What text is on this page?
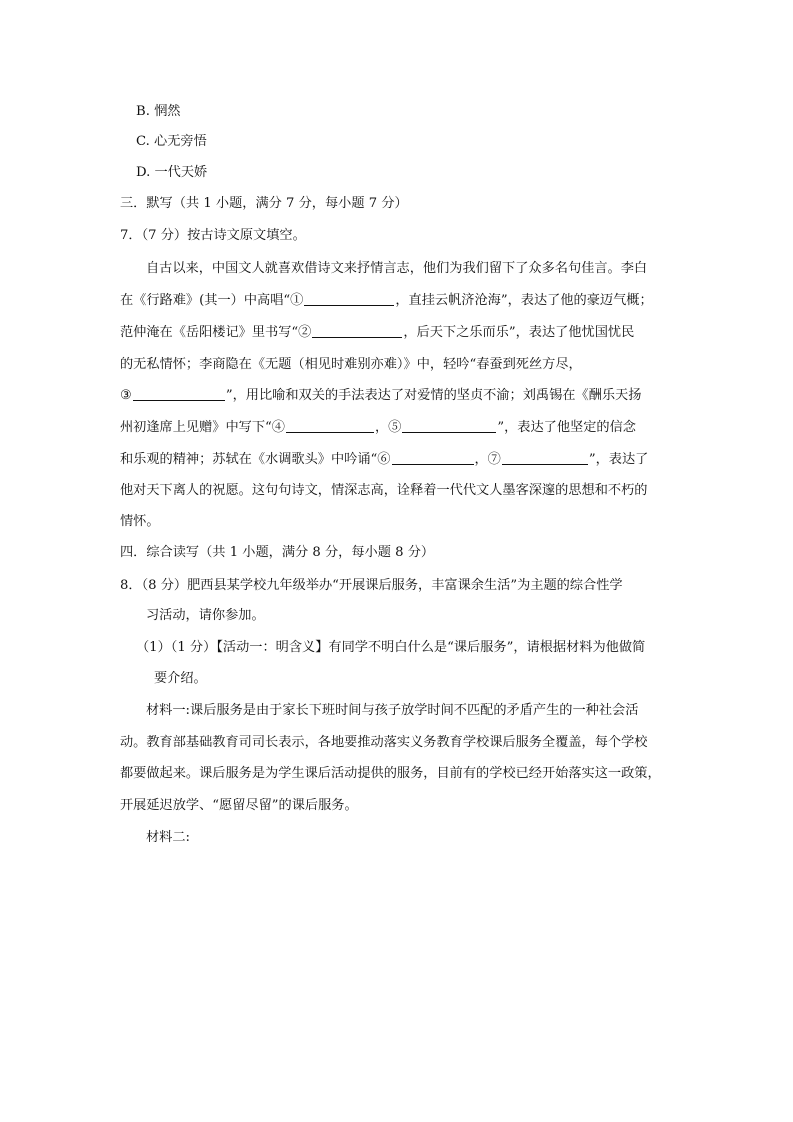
B. 惘然
C. 心无旁悟
D. 一代天娇
三．默写（共 1 小题，满分 7 分，每小题 7 分）
7．（7 分）按古诗文原文填空。
自古以来，中国文人就喜欢借诗文来抒情言志，他们为我们留下了众多名句佳言。李白
在《行路难》(其一）中高唱“①	，直挂云帆济沧海”，表达了他的豪迈气概；
范仲淹在《岳阳楼记》里书写“②	，后天下之乐而乐”，表达了他忧国忧民
的无私情怀；李商隐在《无题（相见时难别亦难）》中，轻吟“春蚕到死丝方尽，
③	”，用比喻和双关的手法表达了对爱情的坚贞不渝；刘禹锡在《酬乐天扬
州初逢席上见赠》中写下“④	，⑤	”，表达了他坚定的信念
和乐观的精神；苏轼在《水调歌头》中吟诵“⑥	，⑦	”，表达了
他对天下离人的祝愿。这句句诗文，情深志高，诠释着一代代文人墨客深邃的思想和不朽的
情怀。
四．综合读写（共 1 小题，满分 8 分，每小题 8 分）
8．（8 分）肥西县某学校九年级举办“开展课后服务，丰富课余生活”为主题的综合性学
习活动，请你参加。
（1）（1 分）【活动一：明含义】有同学不明白什么是“课后服务”，请根据材料为他做简
要介绍。
材料一:课后服务是由于家长下班时间与孩子放学时间不匹配的矛盾产生的一种社会活
动。教育部基础教育司司长表示，各地要推动落实义务教育学校课后服务全覆盖，每个学校
都要做起来。课后服务是为学生课后活动提供的服务，目前有的学校已经开始落实这一政策，
开展延迟放学、“愿留尽留”的课后服务。
材料二:
